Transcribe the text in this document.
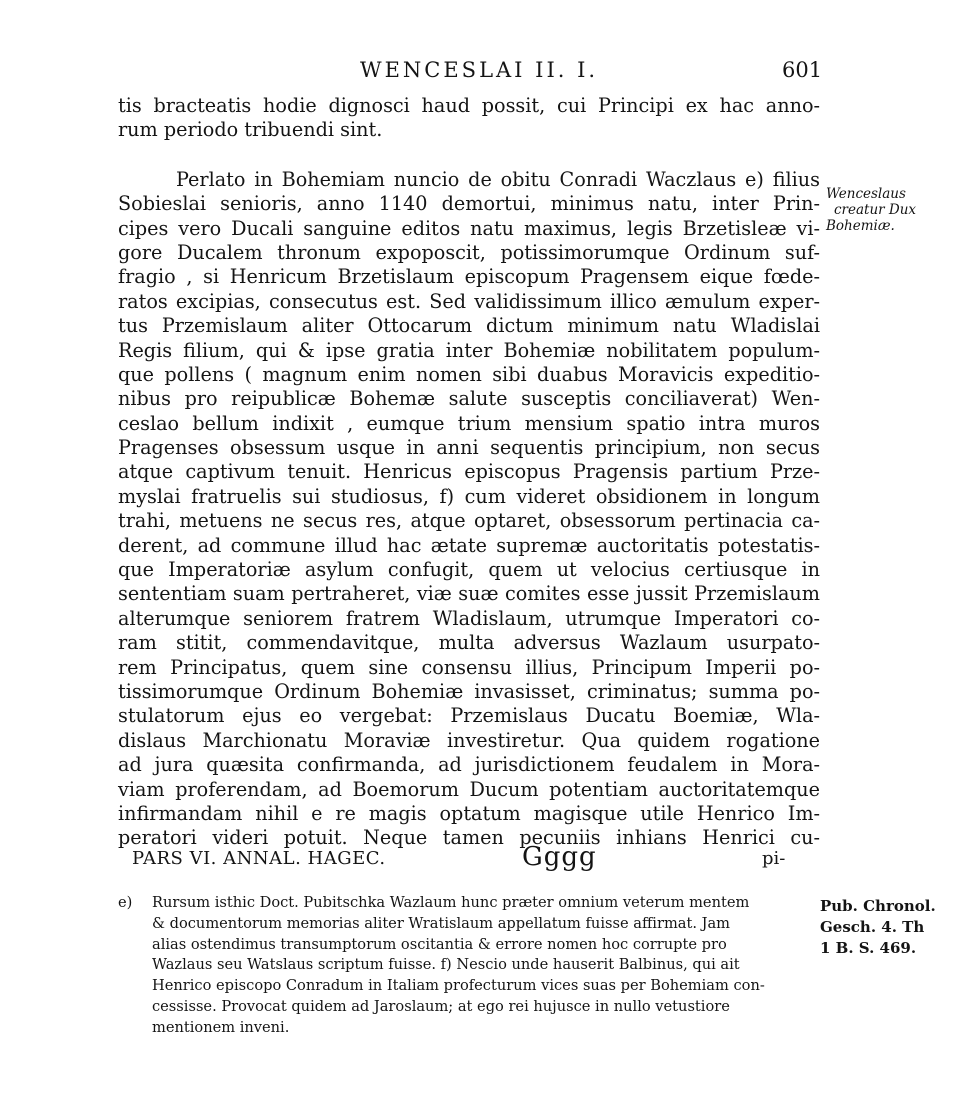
WENCESLAI II. I.	601
tis bracteatis hodie dignosci haud possit, cui Principi ex hac anno-
rum periodo tribuendi sint.
Perlato in Bohemiam nuncio de obitu Conradi Waczlaus e) filius
Sobieslai senioris, anno 1140 demortui, minimus natu, inter Prin-
cipes vero Ducali sanguine editos natu maximus, legis Brzetisleæ vi-
gore Ducalem thronum expoposcit, potissimorumque Ordinum suf-
fragio , si Henricum Brzetislaum episcopum Pragensem eique fœde-
ratos excipias, consecutus est. Sed validissimum illico æmulum exper-
tus Przemislaum aliter Ottocarum dictum minimum natu Wladislai
Regis filium, qui & ipse gratia inter Bohemiæ nobilitatem populum-
que pollens ( magnum enim nomen sibi duabus Moravicis expeditio-
nibus pro reipublicæ Bohemæ salute susceptis conciliaverat) Wen-
ceslao bellum indixit , eumque trium mensium spatio intra muros
Pragenses obsessum usque in anni sequentis principium, non secus
atque captivum tenuit. Henricus episcopus Pragensis partium Prze-
myslai fratruelis sui studiosus, f) cum videret obsidionem in longum
trahi, metuens ne secus res, atque optaret, obsessorum pertinacia ca-
derent, ad commune illud hac ætate supremæ auctoritatis potestatis-
que Imperatoriæ asylum confugit, quem ut velocius certiusque in
sententiam suam pertraheret, viæ suæ comites esse jussit Przemislaum
alterumque seniorem fratrem Wladislaum, utrumque Imperatori co-
ram stitit, commendavitque, multa adversus Wazlaum usurpato-
rem Principatus, quem sine consensu illius, Principum Imperii po-
tissimorumque Ordinum Bohemiæ invasisset, criminatus; summa po-
stulatorum ejus eo vergebat: Przemislaus Ducatu Boemiæ, Wla-
dislaus Marchionatu Moraviæ investiretur. Qua quidem rogatione
ad jura quæsita confirmanda, ad jurisdictionem feudalem in Mora-
viam proferendam, ad Boemorum Ducum potentiam auctoritatemque
infirmandam nihil e re magis optatum magisque utile Henrico Im-
peratori videri potuit. Neque tamen pecuniis inhians Henrici cu-
Wenceslaus
creatur Dux
Bohemiæ.
PARS VI. ANNAL. HAGEC.	Gggg	pi-
e) Rursum isthic Doct. Pubitschka Wazlaum hunc præter omnium veterum mentem
& documentorum memorias aliter Wratislaum appellatum fuisse affirmat. Jam
alias ostendimus transumptorum oscitantia & errore nomen hoc corrupte pro
Wazlaus seu Watslaus scriptum fuisse. f) Nescio unde hauserit Balbinus, qui ait
Henrico episcopo Conradum in Italiam profecturum vices suas per Bohemiam con-
cessisse. Provocat quidem ad Jaroslaum; at ego rei hujusce in nullo vetustiore
mentionem inveni.
Pub. Chronol.
Gesch. 4. Th
1 B. S. 469.
